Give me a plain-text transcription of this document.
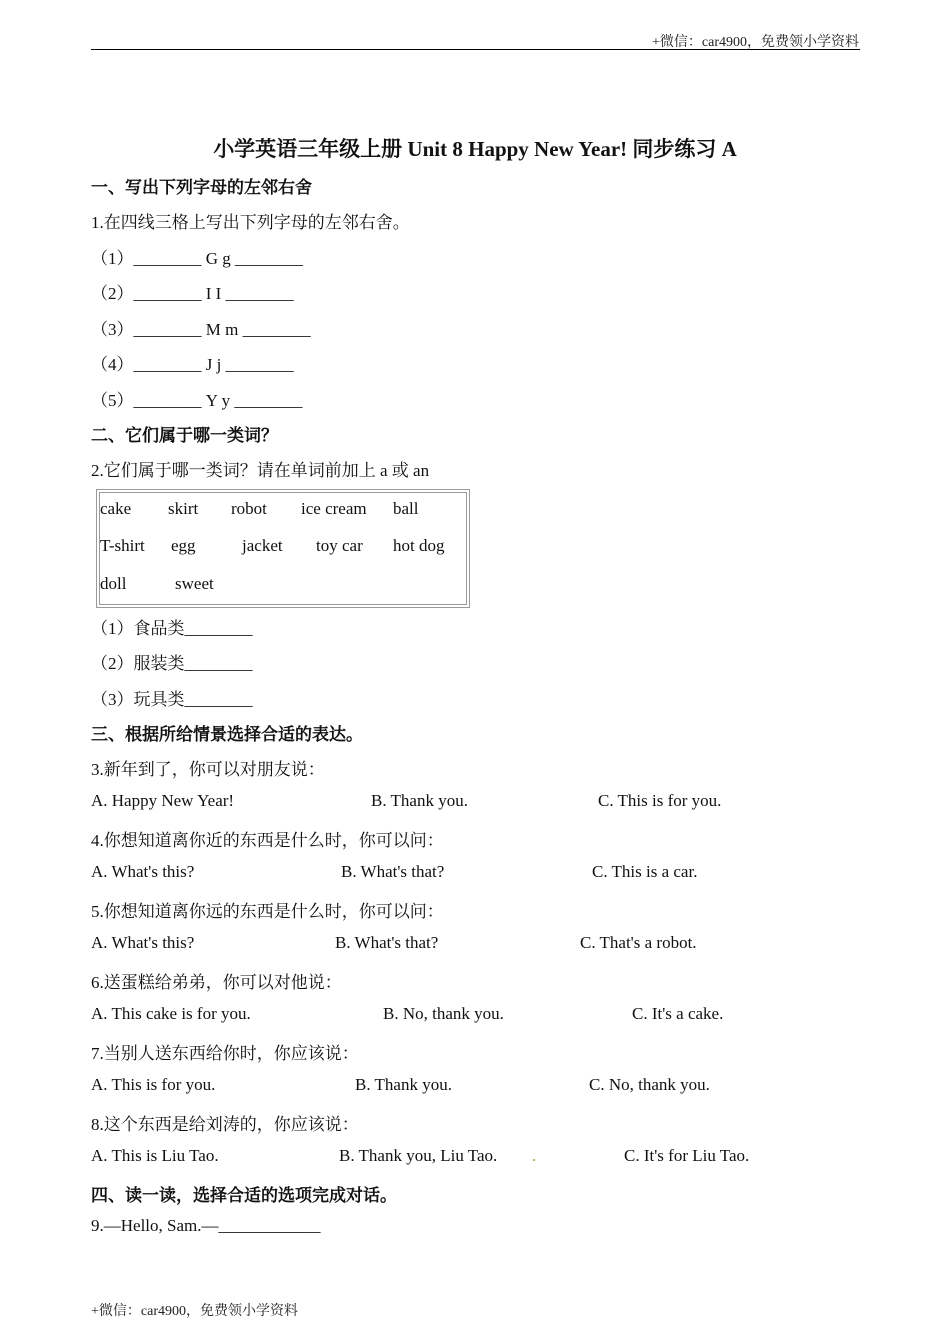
+微信：car4900，免费领小学资料
小学英语三年级上册 Unit 8 Happy New Year! 同步练习 A
一、写出下列字母的左邻右舍
1.在四线三格上写出下列字母的左邻右舍。
（1）________ G g ________
（2）________ I I ________
（3）________ M m ________
（4）________ J j ________
（5）________ Y y ________
二、它们属于哪一类词？
2.它们属于哪一类词？请在单词前加上 a 或 an
cake skirt robot ice cream ball
T-shirt egg	jacket toy car hot dog
doll	sweet
（1）食品类________
（2）服装类________
（3）玩具类________
三、根据所给情景选择合适的表达。
3.新年到了，你可以对朋友说：
A. Happy New Year!	B. Thank you.	C. This is for you.
4.你想知道离你近的东西是什么时，你可以问：
A. What's this?	B. What's that?	C. This is a car.
5.你想知道离你远的东西是什么时，你可以问：
A. What's this?	B. What's that?	C. That's a robot.
6.送蛋糕给弟弟，你可以对他说：
A. This cake is for you.	B. No, thank you.	C. It's a cake.
7.当别人送东西给你时，你应该说：
A. This is for you.	B. Thank you.	C. No, thank you.
8.这个东西是给刘涛的，你应该说：
A. This is Liu Tao.	B. Thank you, Liu Tao. .	C. It's for Liu Tao.
四、读一读，选择合适的选项完成对话。
9.—Hello, Sam.—____________
+微信：car4900，免费领小学资料
